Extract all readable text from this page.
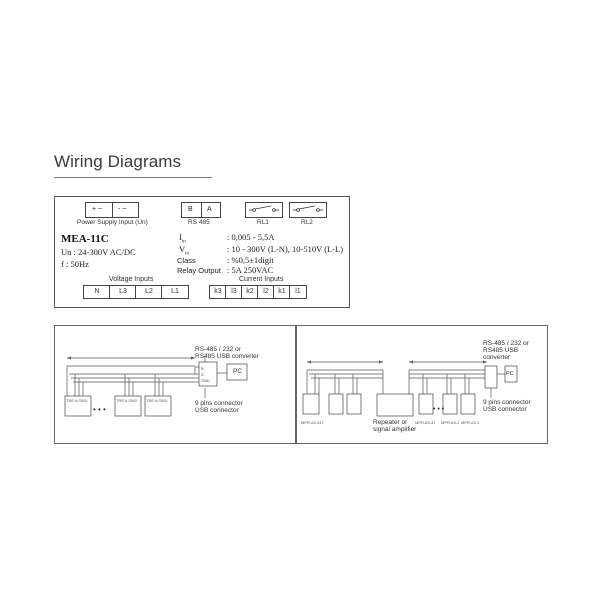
Wiring Diagrams
+ ~ - ~
Power Supply Input (Un)
B A
RS 485	RL1	RL2
MEA-11C
Un : 24-300V AC/DC
f : 50Hz
$I_{in}$
: 0,005 - 5,5A
$V_{in}$
: 10 - 300V (L-N), 10-510V (L-L)
Class	: %0,5±1digit
Relay Output : 5A 250VAC
Voltage Inputs
N	L3	L2	L1
Current Inputs
k3	l3	k2	l2	k1	l1
RS-485 / 232 or
RS485 USB converter
PC
9 pins connector
USB connector
• • •
B
A
GND
TRE A GND	TRE A GND TRE A GND
RS-485 / 232 or
RS485 USB
converter
PC
9 pins connector
USB connector
Repeater or
signal amplifier
• • •
MPR-63-247	MPR-63-31 MPR-63-2 MPR-63-1
